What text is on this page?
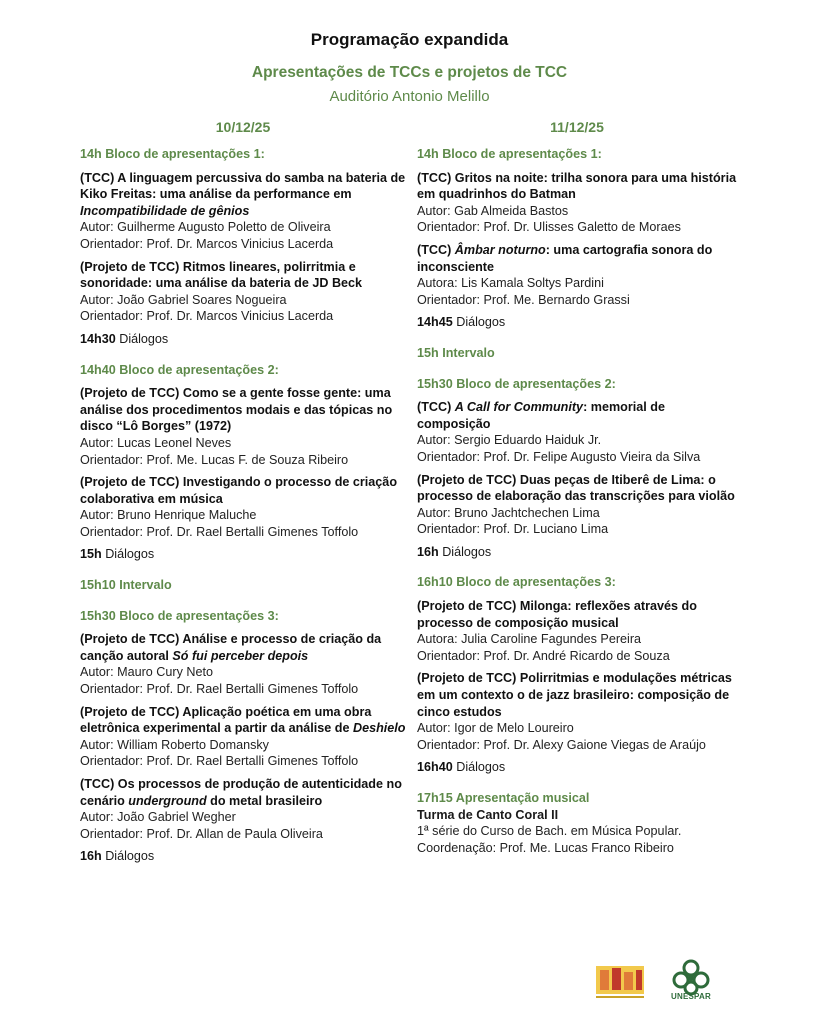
Programação expandida
Apresentações de TCCs e projetos de TCC
Auditório Antonio Melillo
10/12/25
14h Bloco de apresentações 1:
(TCC) A linguagem percussiva do samba na bateria de Kiko Freitas: uma análise da performance em Incompatibilidade de gênios
Autor: Guilherme Augusto Poletto de Oliveira
Orientador: Prof. Dr. Marcos Vinicius Lacerda
(Projeto de TCC) Ritmos lineares, polirritmia e sonoridade: uma análise da bateria de JD Beck
Autor: João Gabriel Soares Nogueira
Orientador: Prof. Dr. Marcos Vinicius Lacerda
14h30 Diálogos
14h40 Bloco de apresentações 2:
(Projeto de TCC) Como se a gente fosse gente: uma análise dos procedimentos modais e das tópicas no disco “Lô Borges” (1972)
Autor: Lucas Leonel Neves
Orientador: Prof. Me. Lucas F. de Souza Ribeiro
(Projeto de TCC) Investigando o processo de criação colaborativa em música
Autor: Bruno Henrique Maluche
Orientador: Prof. Dr. Rael Bertalli Gimenes Toffolo
15h Diálogos
15h10 Intervalo
15h30 Bloco de apresentações 3:
(Projeto de TCC) Análise e processo de criação da canção autoral Só fui perceber depois
Autor: Mauro Cury Neto
Orientador: Prof. Dr. Rael Bertalli Gimenes Toffolo
(Projeto de TCC) Aplicação poética em uma obra eletrônica experimental a partir da análise de Deshielo
Autor: William Roberto Domansky
Orientador: Prof. Dr. Rael Bertalli Gimenes Toffolo
(TCC) Os processos de produção de autenticidade no cenário underground do metal brasileiro
Autor: João Gabriel Wegher
Orientador: Prof. Dr. Allan de Paula Oliveira
16h Diálogos
11/12/25
14h Bloco de apresentações 1:
(TCC) Gritos na noite: trilha sonora para uma história em quadrinhos do Batman
Autor: Gab Almeida Bastos
Orientador: Prof. Dr. Ulisses Galetto de Moraes
(TCC) Âmbar noturno: uma cartografia sonora do inconsciente
Autora: Lis Kamala Soltys Pardini
Orientador: Prof. Me. Bernardo Grassi
14h45 Diálogos
15h Intervalo
15h30 Bloco de apresentações 2:
(TCC) A Call for Community: memorial de composição
Autor: Sergio Eduardo Haiduk Jr.
Orientador: Prof. Dr. Felipe Augusto Vieira da Silva
(Projeto de TCC) Duas peças de Itiberê de Lima: o processo de elaboração das transcrições para violão
Autor: Bruno Jachtchechen Lima
Orientador: Prof. Dr. Luciano Lima
16h Diálogos
16h10 Bloco de apresentações 3:
(Projeto de TCC) Milonga: reflexões através do processo de composição musical
Autora: Julia Caroline Fagundes Pereira
Orientador: Prof. Dr. André Ricardo de Souza
(Projeto de TCC) Polirritmias e modulações métricas em um contexto o de jazz brasileiro: composição de cinco estudos
Autor: Igor de Melo Loureiro
Orientador: Prof. Dr. Alexy Gaione Viegas de Araújo
16h40 Diálogos
17h15 Apresentação musical
Turma de Canto Coral II
1ª série do Curso de Bach. em Música Popular.
Coordenação: Prof. Me. Lucas Franco Ribeiro
UNESPAR
